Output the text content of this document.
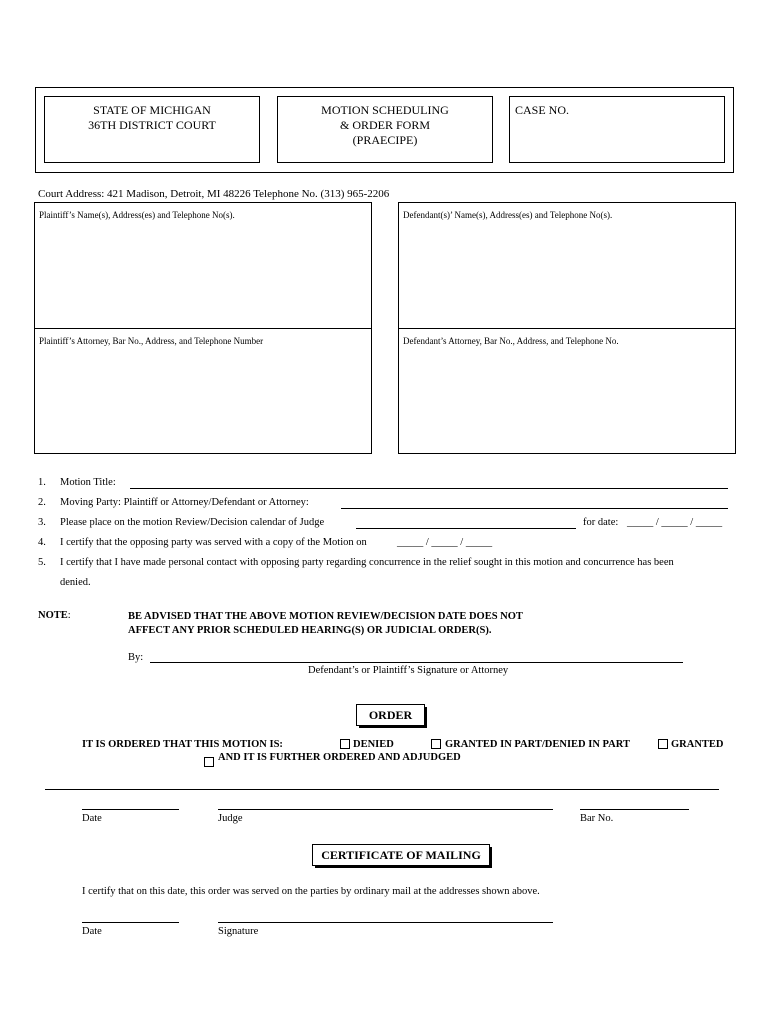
STATE OF MICHIGAN
36TH DISTRICT COURT
MOTION SCHEDULING
& ORDER FORM
(PRAECIPE)
CASE NO.
Court Address: 421 Madison, Detroit, MI 48226 Telephone No. (313) 965-2206
Plaintiff’s Name(s), Address(es) and Telephone No(s).	Defendant(s)’ Name(s), Address(es) and Telephone No(s).
Plaintiff’s Attorney, Bar No., Address, and Telephone Number	Defendant’s Attorney, Bar No., Address, and Telephone No.
1. Motion Title:
2. Moving Party: Plaintiff or Attorney/Defendant or Attorney:
3. Please place on the motion Review/Decision calendar of Judge	for date: _____ / _____ / _____
4. I certify that the opposing party was served with a copy of the Motion on	_____ / _____ / _____
5. I certify that I have made personal contact with opposing party regarding concurrence in the relief sought in this motion and concurrence has been
denied.
NOTE:	BE ADVISED THAT THE ABOVE MOTION REVIEW/DECISION DATE DOES NOT
AFFECT ANY PRIOR SCHEDULED HEARING(S) OR JUDICIAL ORDER(S).
By:
Defendant’s or Plaintiff’s Signature or Attorney
ORDER
IT IS ORDERED THAT THIS MOTION IS:	DENIED	GRANTED IN PART/DENIED IN PART	GRANTED
AND IT IS FURTHER ORDERED AND ADJUDGED
Date	Judge	Bar No.
CERTIFICATE OF MAILING
I certify that on this date, this order was served on the parties by ordinary mail at the addresses shown above.
Date	Signature
